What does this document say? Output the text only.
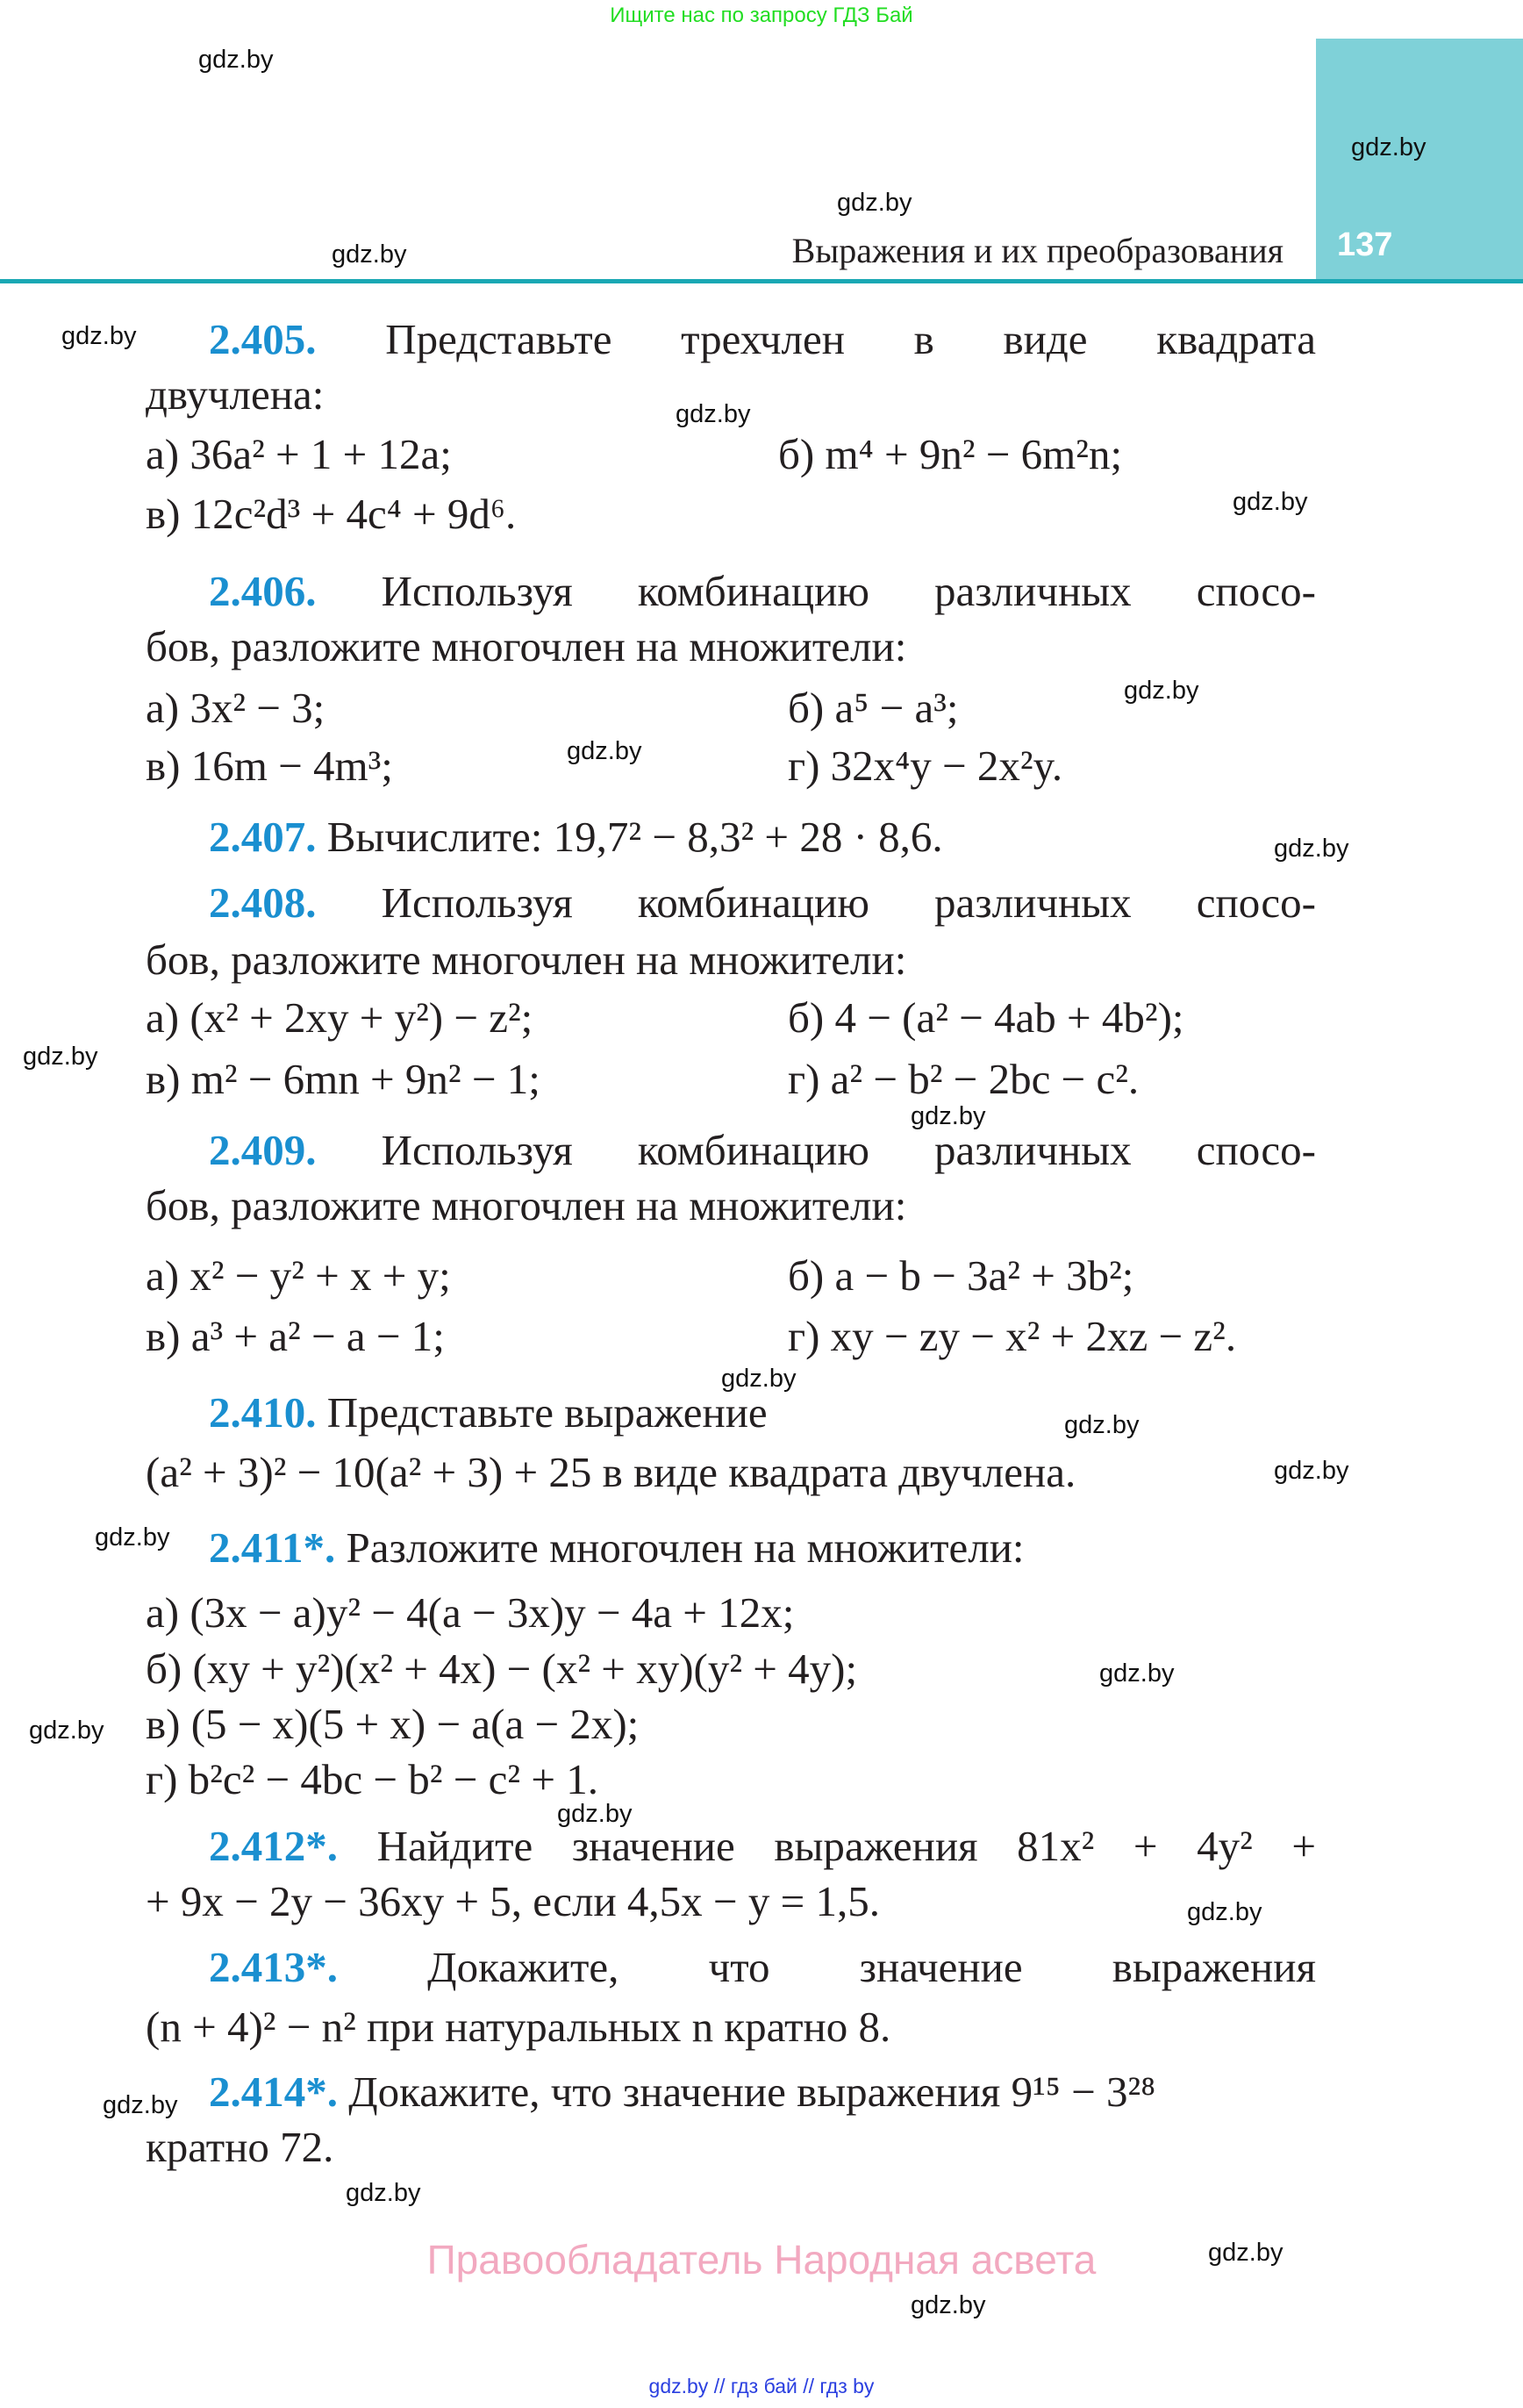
Ищите нас по запросу ГДЗ Бай
Выражения и их преобразования 137
gdz.by
gdz.by
gdz.by
gdz.by
gdz.by
gdz.by
gdz.by
gdz.by
gdz.by
gdz.by
gdz.by
gdz.by
gdz.by
gdz.by
gdz.by
gdz.by
gdz.by
gdz.by
gdz.by
gdz.by
gdz.by
gdz.by
gdz.by
gdz.by
2.405. Представьте трехчлен в виде квадрата
двучлена:
а) 36a² + 1 + 12a;	б) m⁴ + 9n² − 6m²n;
в) 12c²d³ + 4c⁴ + 9d⁶.
2.406. Используя комбинацию различных спосо-
бов, разложите многочлен на множители:
а) 3x² − 3;	б) a⁵ − a³;
в) 16m − 4m³;	г) 32x⁴y − 2x²y.
2.407. Вычислите: 19,7² − 8,3² + 28 · 8,6.
2.408. Используя комбинацию различных спосо-
бов, разложите многочлен на множители:
а) (x² + 2xy + y²) − z²;	б) 4 − (a² − 4ab + 4b²);
в) m² − 6mn + 9n² − 1;	г) a² − b² − 2bc − c².
2.409. Используя комбинацию различных спосо-
бов, разложите многочлен на множители:
а) x² − y² + x + y;	б) a − b − 3a² + 3b²;
в) a³ + a² − a − 1;	г) xy − zy − x² + 2xz − z².
2.410. Представьте выражение
(a² + 3)² − 10(a² + 3) + 25 в виде квадрата двучлена.
2.411*. Разложите многочлен на множители:
а) (3x − a)y² − 4(a − 3x)y − 4a + 12x;
б) (xy + y²)(x² + 4x) − (x² + xy)(y² + 4y);
в) (5 − x)(5 + x) − a(a − 2x);
г) b²c² − 4bc − b² − c² + 1.
2.412*. Найдите значение выражения 81x² + 4y² +
+ 9x − 2y − 36xy + 5, если 4,5x − y = 1,5.
2.413*. Докажите, что значение выражения
(n + 4)² − n² при натуральных n кратно 8.
2.414*. Докажите, что значение выражения 9¹⁵ − 3²⁸
кратно 72.
Правообладатель Народная асвета
gdz.by // гдз бай // гдз by
